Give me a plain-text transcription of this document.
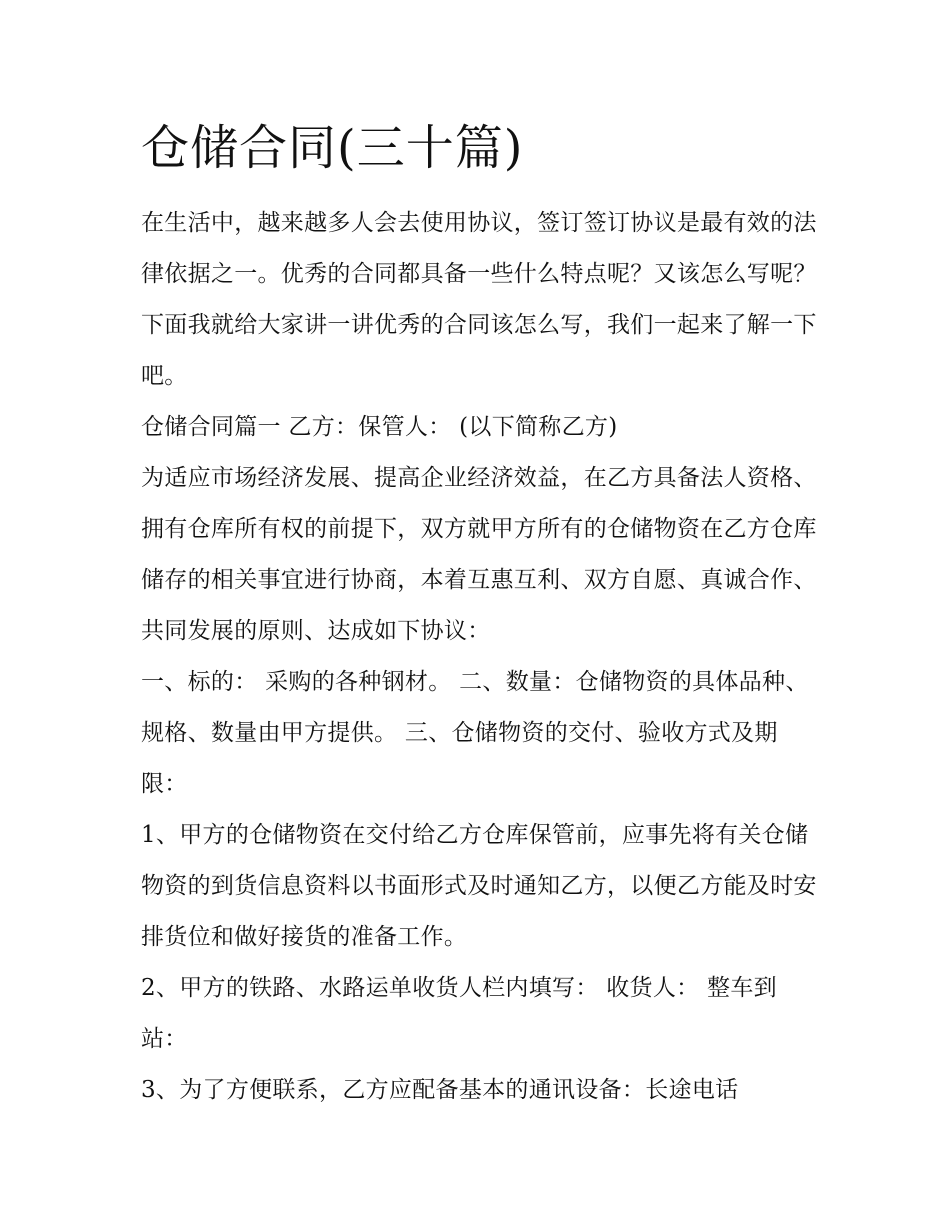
仓储合同(三十篇)

在生活中，越来越多人会去使用协议，签订签订协议是最有效的法律依据之一。优秀的合同都具备一些什么特点呢？又该怎么写呢？下面我就给大家讲一讲优秀的合同该怎么写，我们一起来了解一下吧。

仓储合同篇一 乙方：保管人： (以下简称乙方)

为适应市场经济发展、提高企业经济效益，在乙方具备法人资格、拥有仓库所有权的前提下，双方就甲方所有的仓储物资在乙方仓库储存的相关事宜进行协商，本着互惠互利、双方自愿、真诚合作、共同发展的原则、达成如下协议：

一、标的： 采购的各种钢材。 二、数量：仓储物资的具体品种、规格、数量由甲方提供。 三、仓储物资的交付、验收方式及期限：

1、甲方的仓储物资在交付给乙方仓库保管前，应事先将有关仓储物资的到货信息资料以书面形式及时通知乙方，以便乙方能及时安排货位和做好接货的准备工作。

2、甲方的铁路、水路运单收货人栏内填写： 收货人： 整车到站：

3、为了方便联系，乙方应配备基本的通讯设备：长途电话
